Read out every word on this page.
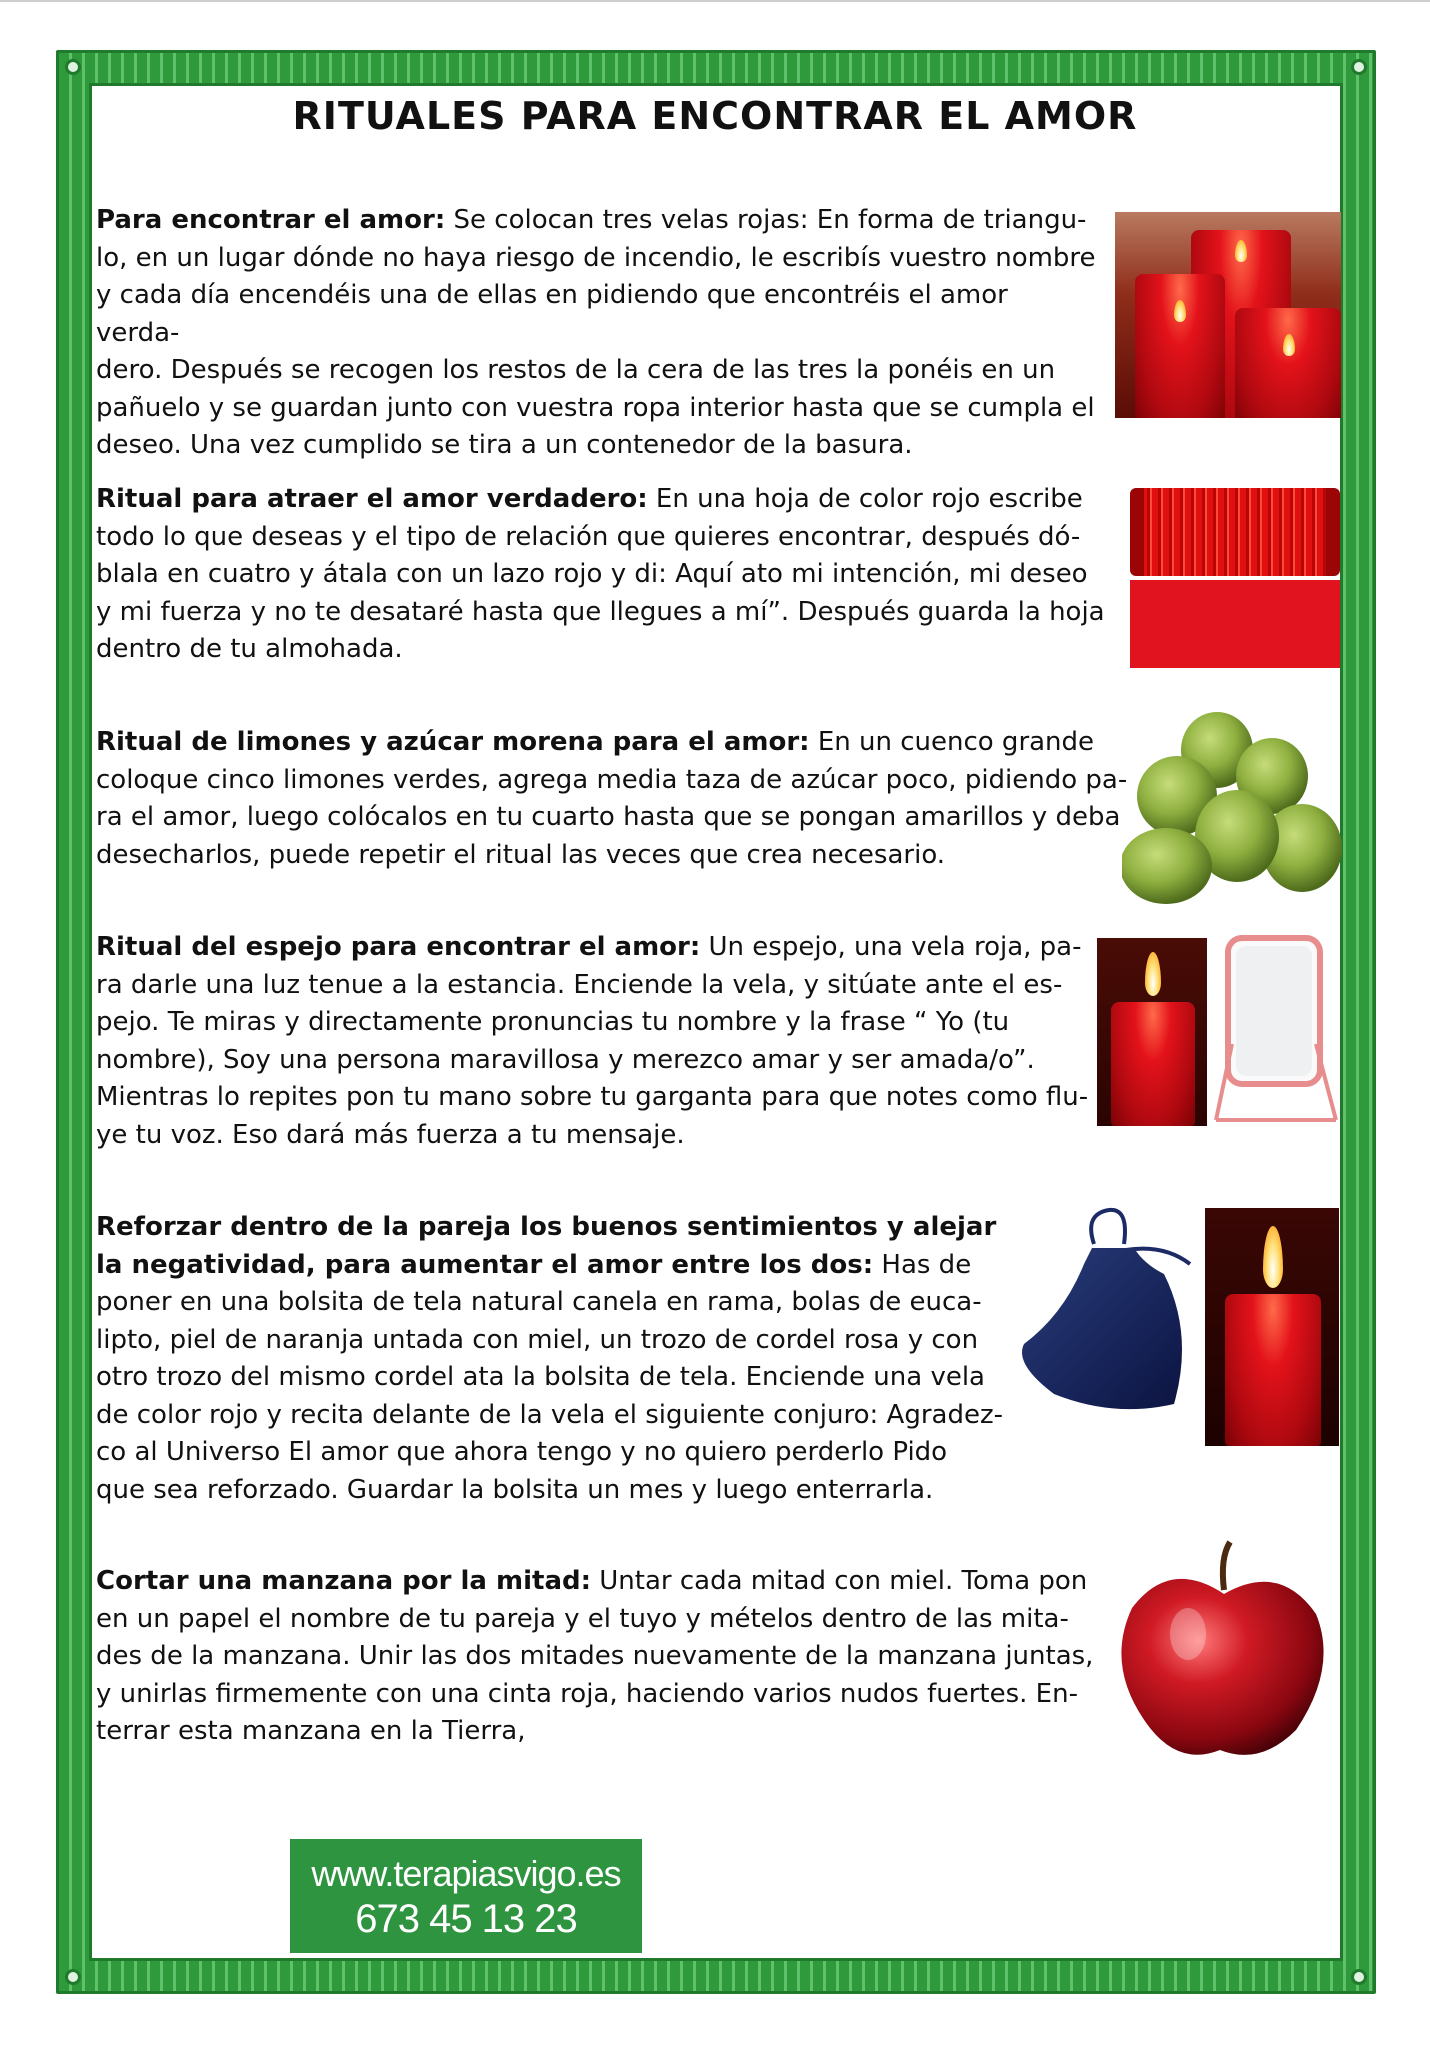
RITUALES PARA ENCONTRAR EL AMOR
Para encontrar el amor: Se colocan tres velas rojas: En forma de triangu-
lo, en un lugar dónde no haya riesgo de incendio, le escribís vuestro nombre
y cada día encendéis una de ellas en pidiendo que encontréis el amor verda-
dero. Después se recogen los restos de la cera de las tres la ponéis en un
pañuelo y se guardan junto con vuestra ropa interior hasta que se cumpla el
deseo. Una vez cumplido se tira a un contenedor de la basura.
Ritual para atraer el amor verdadero: En una hoja de color rojo escribe
todo lo que deseas y el tipo de relación que quieres encontrar, después dó-
blala en cuatro y átala con un lazo rojo y di: Aquí ato mi intención, mi deseo
y mi fuerza y no te desataré hasta que llegues a mí”. Después guarda la hoja
dentro de tu almohada.
Ritual de limones y azúcar morena para el amor: En un cuenco grande
coloque cinco limones verdes, agrega media taza de azúcar poco, pidiendo pa-
ra el amor, luego colócalos en tu cuarto hasta que se pongan amarillos y deba
desecharlos, puede repetir el ritual las veces que crea necesario.
Ritual del espejo para encontrar el amor: Un espejo, una vela roja, pa-
ra darle una luz tenue a la estancia. Enciende la vela, y sitúate ante el es-
pejo. Te miras y directamente pronuncias tu nombre y la frase “ Yo (tu
nombre), Soy una persona maravillosa y merezco amar y ser amada/o”.
Mientras lo repites pon tu mano sobre tu garganta para que notes como flu-
ye tu voz. Eso dará más fuerza a tu mensaje.
Reforzar dentro de la pareja los buenos sentimientos y alejar
la negatividad, para aumentar el amor entre los dos: Has de
poner en una bolsita de tela natural canela en rama, bolas de euca-
lipto, piel de naranja untada con miel, un trozo de cordel rosa y con
otro trozo del mismo cordel ata la bolsita de tela. Enciende una vela
de color rojo y recita delante de la vela el siguiente conjuro: Agradez-
co al Universo El amor que ahora tengo y no quiero perderlo Pido
que sea reforzado. Guardar la bolsita un mes y luego enterrarla.
Cortar una manzana por la mitad: Untar cada mitad con miel. Toma pon
en un papel el nombre de tu pareja y el tuyo y mételos dentro de las mita-
des de la manzana. Unir las dos mitades nuevamente de la manzana juntas,
y unirlas firmemente con una cinta roja, haciendo varios nudos fuertes. En-
terrar esta manzana en la Tierra,
www.terapiasvigo.es
673 45 13 23
